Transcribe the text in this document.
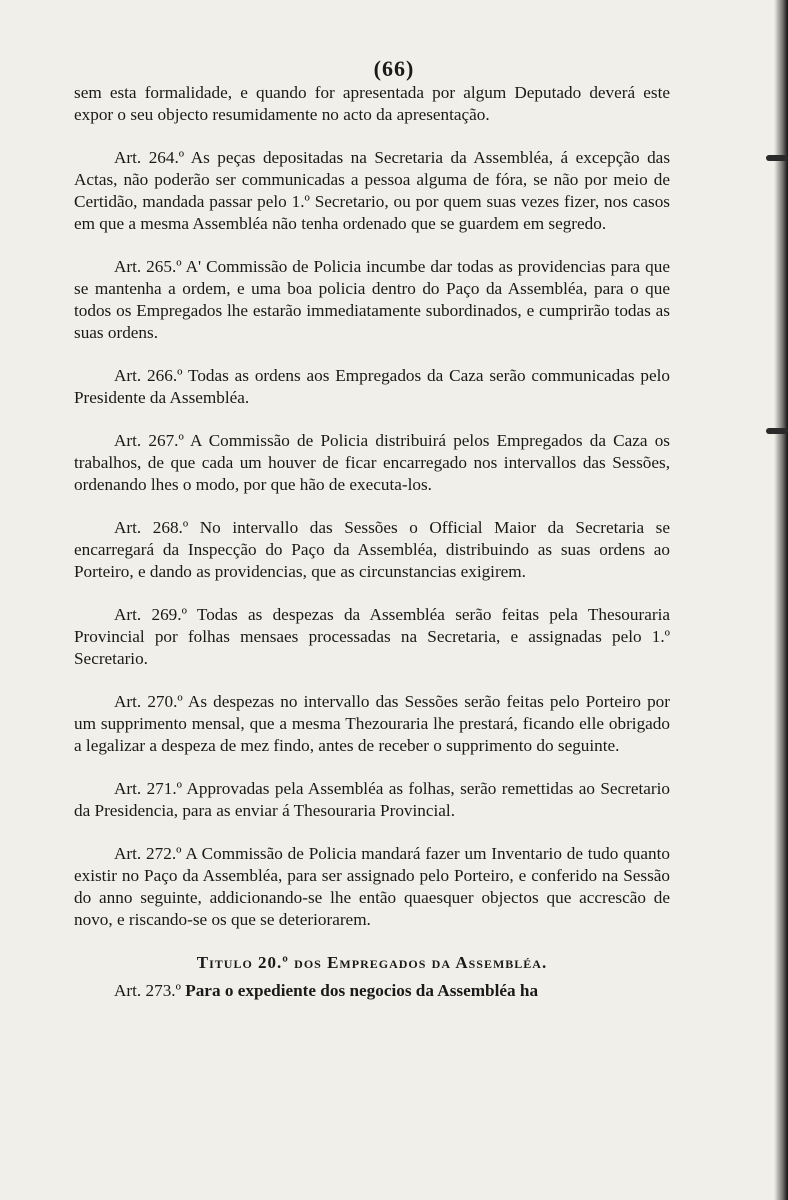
(66)

sem esta formalidade, e quando for apresentada por algum Deputado deverá este expor o seu objecto resumidamente no acto da apresentação.

Art. 264.º As peças depositadas na Secretaria da Assembléa, á excepção das Actas, não poderão ser communicadas a pessoa alguma de fóra, se não por meio de Certidão, mandada passar pelo 1.º Secretario, ou por quem suas vezes fizer, nos casos em que a mesma Assembléa não tenha ordenado que se guardem em segredo.

Art. 265.º A' Commissão de Policia incumbe dar todas as providencias para que se mantenha a ordem, e uma boa policia dentro do Paço da Assembléa, para o que todos os Empregados lhe estarão immediatamente subordinados, e cumprirão todas as suas ordens.

Art. 266.º Todas as ordens aos Empregados da Caza serão communicadas pelo Presidente da Assembléa.

Art. 267.º A Commissão de Policia distribuirá pelos Empregados da Caza os trabalhos, de que cada um houver de ficar encarregado nos intervallos das Sessões, ordenando lhes o modo, por que hão de executa-los.

Art. 268.º No intervallo das Sessões o Official Maior da Secretaria se encarregará da Inspecção do Paço da Assembléa, distribuindo as suas ordens ao Porteiro, e dando as providencias, que as circunstancias exigirem.

Art. 269.º Todas as despezas da Assembléa serão feitas pela Thesouraria Provincial por folhas mensaes processadas na Secretaria, e assignadas pelo 1.º Secretario.

Art. 270.º As despezas no intervallo das Sessões serão feitas pelo Porteiro por um supprimento mensal, que a mesma Thezouraria lhe prestará, ficando elle obrigado a legalizar a despeza de mez findo, antes de receber o supprimento do seguinte.

Art. 271.º Approvadas pela Assembléa as folhas, serão remettidas ao Secretario da Presidencia, para as enviar á Thesouraria Provincial.

Art. 272.º A Commissão de Policia mandará fazer um Inventario de tudo quanto existir no Paço da Assembléa, para ser assignado pelo Porteiro, e conferido na Sessão do anno seguinte, addicionando-se lhe então quaesquer objectos que accrescão de novo, e riscando-se os que se deteriorarem.

Titulo 20.º dos Empregados da Assembléa.

Art. 273.º Para o expediente dos negocios da Assembléa ha
